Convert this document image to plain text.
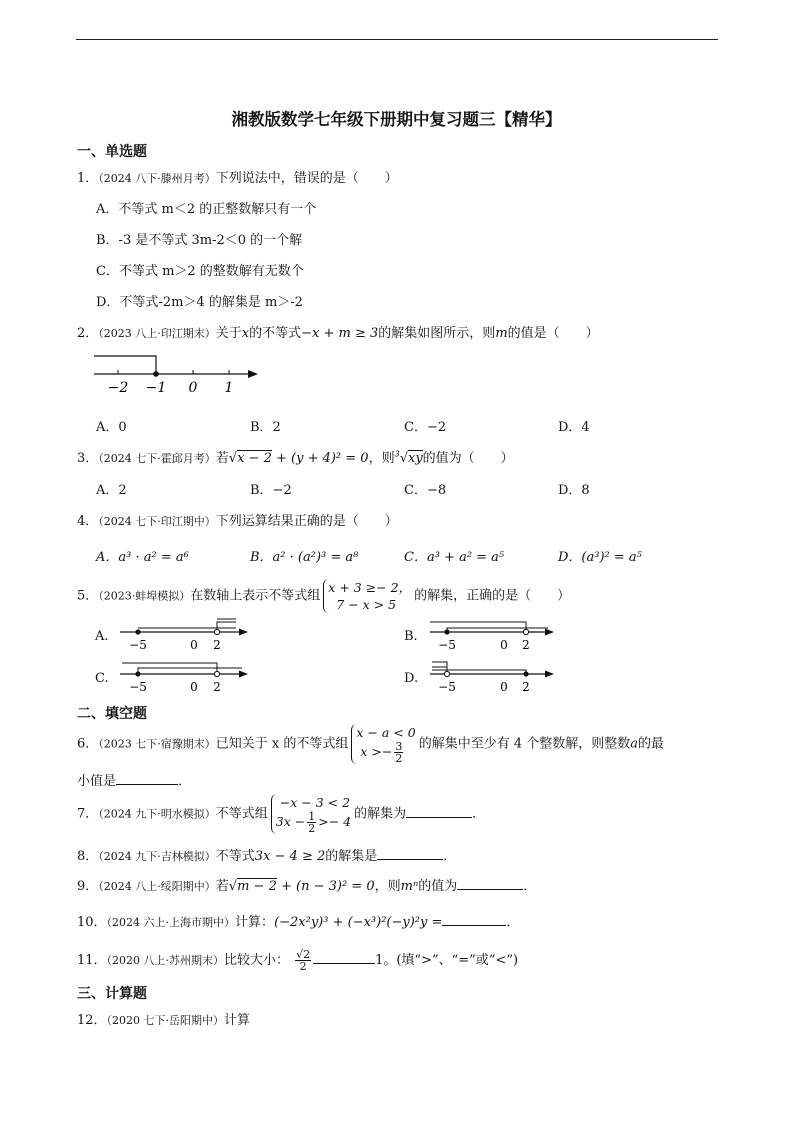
湘教版数学七年级下册期中复习题三【精华】
一、单选题
1．（2024 八下·滕州月考）下列说法中，错误的是（　　）
A．不等式 m＜2 的正整数解只有一个
B．-3 是不等式 3m-2＜0 的一个解
C．不等式 m＞2 的整数解有无数个
D．不等式-2m＞4 的解集是 m＞-2
2．（2023 八上·印江期末）关于x的不等式−x + m ≥ 3的解集如图所示，则m的值是（　　）
−2 −1 0 1
A．0	B．2	C．−2	D．4
3．（2024 七下·霍邱月考）若√x − 2 + (y + 4)² = 0，则$^3$√xy的值为（　　）
A．2	B．−2	C．−8	D．8
4．（2024 七下·印江期中）下列运算结果正确的是（　　）
A．a³ · a² = a⁶	B．a² · (a²)³ = a⁸	C．a³ + a² = a⁵	D．(a³)² = a⁵
5．（2023·蚌埠模拟）在数轴上表示不等式组
x + 3 ≥− 2，
7 − x > 5
的解集，正确的是（　　）
A.
−5	0 2
B.
−5	0 2
C.
−5	0 2
D.
−5	0 2
二、填空题
6．（2023 七下·宿豫期末）已知关于 x 的不等式组
x − a < 0
$x >- \frac{3}{2}$ 的解集中至少有 4 个整数解，则整数a的最
小值是	．
7．（2024 九下·明水模拟）不等式组
−x − 3 < 2
$3x - \frac{1}{2} >- 4$ 的解集为	．
8．（2024 九下·吉林模拟）不等式3x − 4 ≥ 2的解集是	．
9．（2024 八上·绥阳期中）若√m − 2 + (n − 3)² = 0，则mⁿ的值为	．
10．（2024 六上·上海市期中）计算：(−2x²y)³ + (−x³)²(−y)²y =	．
11．（2020 八上·苏州期末）比较大小： $\frac{√2}{2}$	1。(填“>”、“=”或“<”)
三、计算题
12．（2020 七下·岳阳期中）计算
